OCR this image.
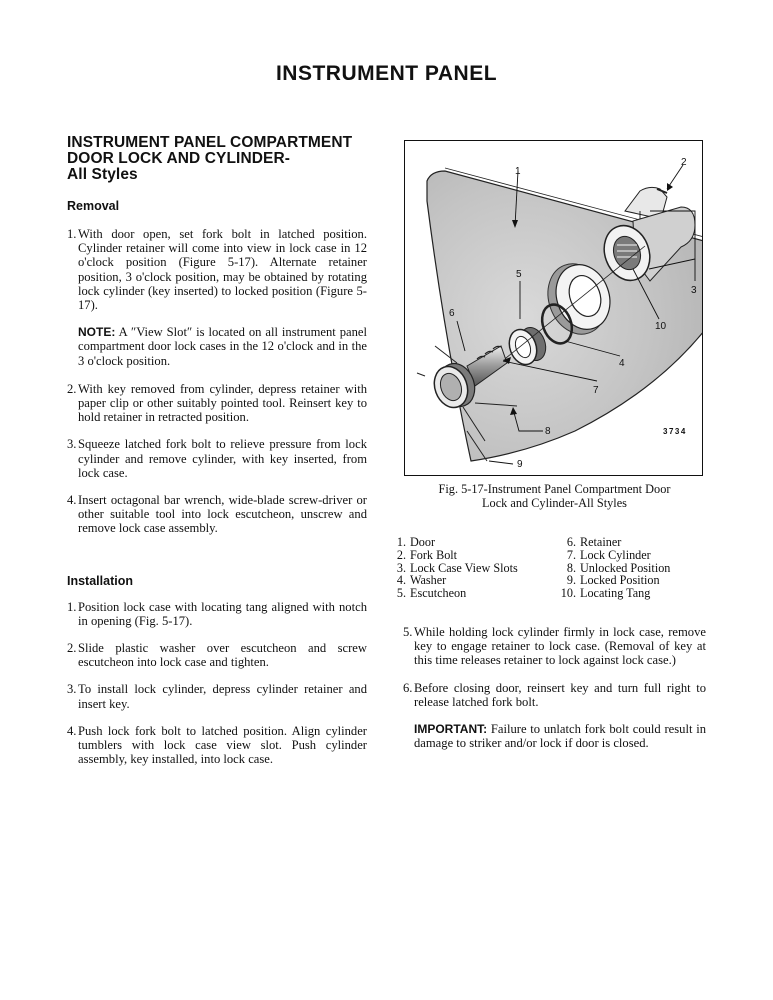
INSTRUMENT PANEL
INSTRUMENT PANEL COMPARTMENT
DOOR LOCK AND CYLINDER-
All Styles
Removal
1. With door open, set fork bolt in latched position. Cylinder retainer will come into view in lock case in 12 o'clock position (Figure 5-17). Alternate retainer position, 3 o'clock position, may be obtained by rotating lock cylinder (key inserted) to locked position (Figure 5-17).
NOTE: A ″View Slot″ is located on all instrument panel compartment door lock cases in the 12 o'clock and in the 3 o'clock position.
2. With key removed from cylinder, depress retainer with paper clip or other suitably pointed tool. Reinsert key to hold retainer in retracted position.
3. Squeeze latched fork bolt to relieve pressure from lock cylinder and remove cylinder, with key inserted, from lock case.
4. Insert octagonal bar wrench, wide-blade screw-driver or other suitable tool into lock escutcheon, unscrew and remove lock case assembly.
Installation
1. Position lock case with locating tang aligned with notch in opening (Fig. 5-17).
2. Slide plastic washer over escutcheon and screw escutcheon into lock case and tighten.
3. To install lock cylinder, depress cylinder retainer and insert key.
4. Push lock fork bolt to latched position. Align cylinder tumblers with lock case view slot. Push cylinder assembly, key installed, into lock case.
1
2
3
4
5
6
7
8
9
10
3734
Fig. 5-17-Instrument Panel Compartment Door
Lock and Cylinder-All Styles
1. Door
2. Fork Bolt
3. Lock Case View Slots
4. Washer
5. Escutcheon
6. Retainer
7. Lock Cylinder
8. Unlocked Position
9. Locked Position
10. Locating Tang
5. While holding lock cylinder firmly in lock case, remove key to engage retainer to lock case. (Removal of key at this time releases retainer to lock against lock case.)
6. Before closing door, reinsert key and turn full right to release latched fork bolt.
IMPORTANT: Failure to unlatch fork bolt could result in damage to striker and/or lock if door is closed.
